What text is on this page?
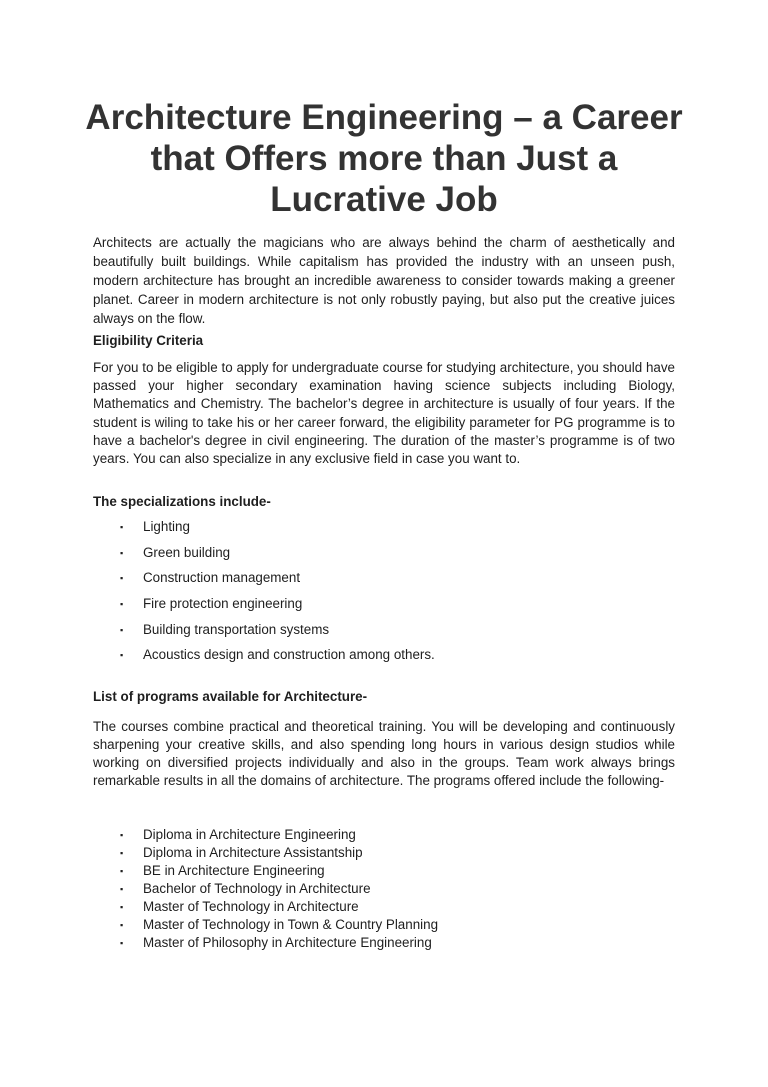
Architecture Engineering – a Career that Offers more than Just a Lucrative Job

Architects are actually the magicians who are always behind the charm of aesthetically and beautifully built buildings. While capitalism has provided the industry with an unseen push, modern architecture has brought an incredible awareness to consider towards making a greener planet. Career in modern architecture is not only robustly paying, but also put the creative juices always on the flow.

Eligibility Criteria

For you to be eligible to apply for undergraduate course for studying architecture, you should have passed your higher secondary examination having science subjects including Biology, Mathematics and Chemistry. The bachelor’s degree in architecture is usually of four years. If the student is wiling to take his or her career forward, the eligibility parameter for PG programme is to have a bachelor's degree in civil engineering. The duration of the master’s programme is of two years. You can also specialize in any exclusive field in case you want to.

The specializations include-

▪ Lighting
▪ Green building
▪ Construction management
▪ Fire protection engineering
▪ Building transportation systems
▪ Acoustics design and construction among others.

List of programs available for Architecture-

The courses combine practical and theoretical training. You will be developing and continuously sharpening your creative skills, and also spending long hours in various design studios while working on diversified projects individually and also in the groups. Team work always brings remarkable results in all the domains of architecture. The programs offered include the following-

▪ Diploma in Architecture Engineering
▪ Diploma in Architecture Assistantship
▪ BE in Architecture Engineering
▪ Bachelor of Technology in Architecture
▪ Master of Technology in Architecture
▪ Master of Technology in Town & Country Planning
▪ Master of Philosophy in Architecture Engineering
